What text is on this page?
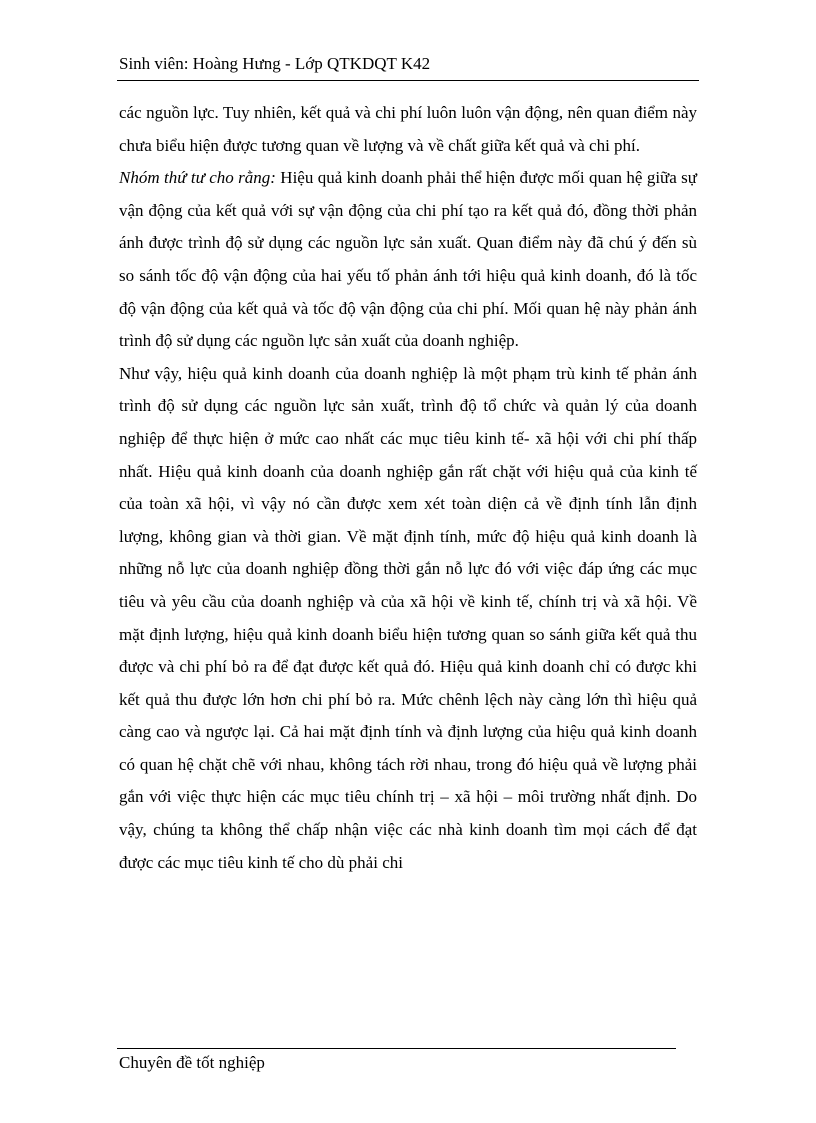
Sinh viên: Hoàng Hưng - Lớp QTKDQT K42

các nguồn lực. Tuy nhiên, kết quả và chi phí luôn luôn vận động, nên quan điểm này chưa biểu hiện được tương quan về lượng và về chất giữa kết quả và chi phí.

Nhóm thứ tư cho rằng: Hiệu quả kinh doanh phải thể hiện được mối quan hệ giữa sự vận động của kết quả với sự vận động của chi phí tạo ra kết quả đó, đồng thời phản ánh được trình độ sử dụng các nguồn lực sản xuất. Quan điểm này đã chú ý đến sù so sánh tốc độ vận động của hai yếu tố phản ánh tới hiệu quả kinh doanh, đó là tốc độ vận động của kết quả và tốc độ vận động của chi phí. Mối quan hệ này phản ánh trình độ sử dụng các nguồn lực sản xuất của doanh nghiệp.

Như vậy, hiệu quả kinh doanh của doanh nghiệp là một phạm trù kinh tế phản ánh trình độ sử dụng các nguồn lực sản xuất, trình độ tổ chức và quản lý của doanh nghiệp để thực hiện ở mức cao nhất các mục tiêu kinh tế- xã hội với chi phí thấp nhất. Hiệu quả kinh doanh của doanh nghiệp gắn rất chặt với hiệu quả của kinh tế của toàn xã hội, vì vậy nó cần được xem xét toàn diện cả về định tính lẫn định lượng, không gian và thời gian. Về mặt định tính, mức độ hiệu quả kinh doanh là những nỗ lực của doanh nghiệp đồng thời gắn nỗ lực đó với việc đáp ứng các mục tiêu và yêu cầu của doanh nghiệp và của xã hội về kinh tế, chính trị và xã hội. Về mặt định lượng, hiệu quả kinh doanh biểu hiện tương quan so sánh giữa kết quả thu được và chi phí bỏ ra để đạt được kết quả đó. Hiệu quả kinh doanh chỉ có được khi kết quả thu được lớn hơn chi phí bỏ ra. Mức chênh lệch này càng lớn thì hiệu quả càng cao và ngược lại. Cả hai mặt định tính và định lượng của hiệu quả kinh doanh có quan hệ chặt chẽ với nhau, không tách rời nhau, trong đó hiệu quả về lượng phải gắn với việc thực hiện các mục tiêu chính trị – xã hội – môi trường nhất định. Do vậy, chúng ta không thể chấp nhận việc các nhà kinh doanh tìm mọi cách để đạt được các mục tiêu kinh tế cho dù phải chi

Chuyên đề tốt nghiệp
